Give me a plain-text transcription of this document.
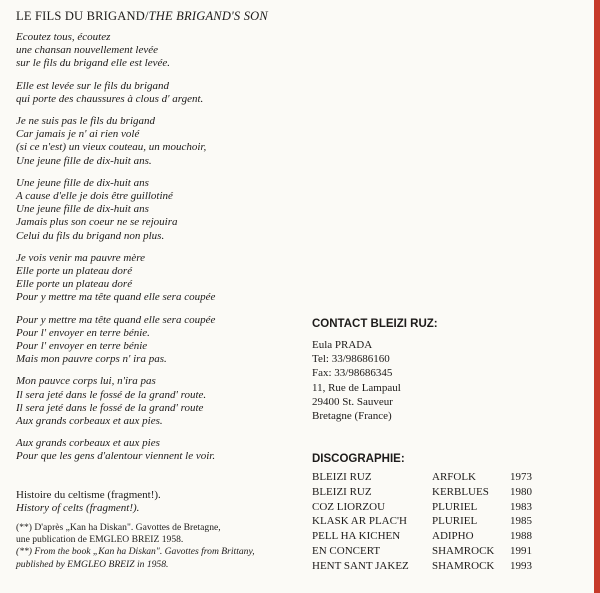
LE FILS DU BRIGAND/THE BRIGAND'S SON
Ecoutez tous, écoutez
une chansan nouvellement levée
sur le fils du brigand elle est levée.
Elle est levée sur le fils du brigand
qui porte des chaussures à clous d' argent.
Je ne suis pas le fils du brigand
Car jamais je n' ai rien volé
(si ce n'est) un vieux couteau, un mouchoir,
Une jeune fille de dix-huit ans.
Une jeune fille de dix-huit ans
A cause d'elle je dois être guillotiné
Une jeune fille de dix-huit ans
Jamais plus son coeur ne se rejouira
Celui du fils du brigand non plus.
Je vois venir ma pauvre mère
Elle porte un plateau doré
Elle porte un plateau doré
Pour y mettre ma tête quand elle sera coupée
Pour y mettre ma tête quand elle sera coupée
Pour l' envoyer en terre bénie.
Pour l' envoyer en terre bénie
Mais mon pauvre corps n' ira pas.
Mon pauvce corps lui, n'ira pas
Il sera jeté dans le fossé de la grand' route.
Il sera jeté dans le fossé de la grand' route
Aux grands corbeaux et aux pies.
Aux grands corbeaux et aux pies
Pour que les gens d'alentour viennent le voir.
Histoire du celtisme (fragment!).
History of celts (fragment!).
(**) D'après „Kan ha Diskan". Gavottes de Bretagne,
une publication de EMGLEO BREIZ 1958.
(**) From the book „Kan ha Diskan". Gavottes from Brittany,
published by EMGLEO BREIZ in 1958.
CONTACT BLEIZI RUZ:
Eula PRADA
Tel: 33/98686160
Fax: 33/98686345
11, Rue de Lampaul
29400 St. Sauveur
Bretagne (France)
DISCOGRAPHIE:
BLEIZI RUZ	ARFOLK	1973
BLEIZI RUZ	KERBLUES 1980
COZ LIORZOU	PLURIEL	1983
KLASK AR PLAC'H PLURIEL	1985
PELL HA KICHEN	ADIPHO	1988
EN CONCERT	SHAMROCK 1991
HENT SANT JAKEZ SHAMROCK 1993
